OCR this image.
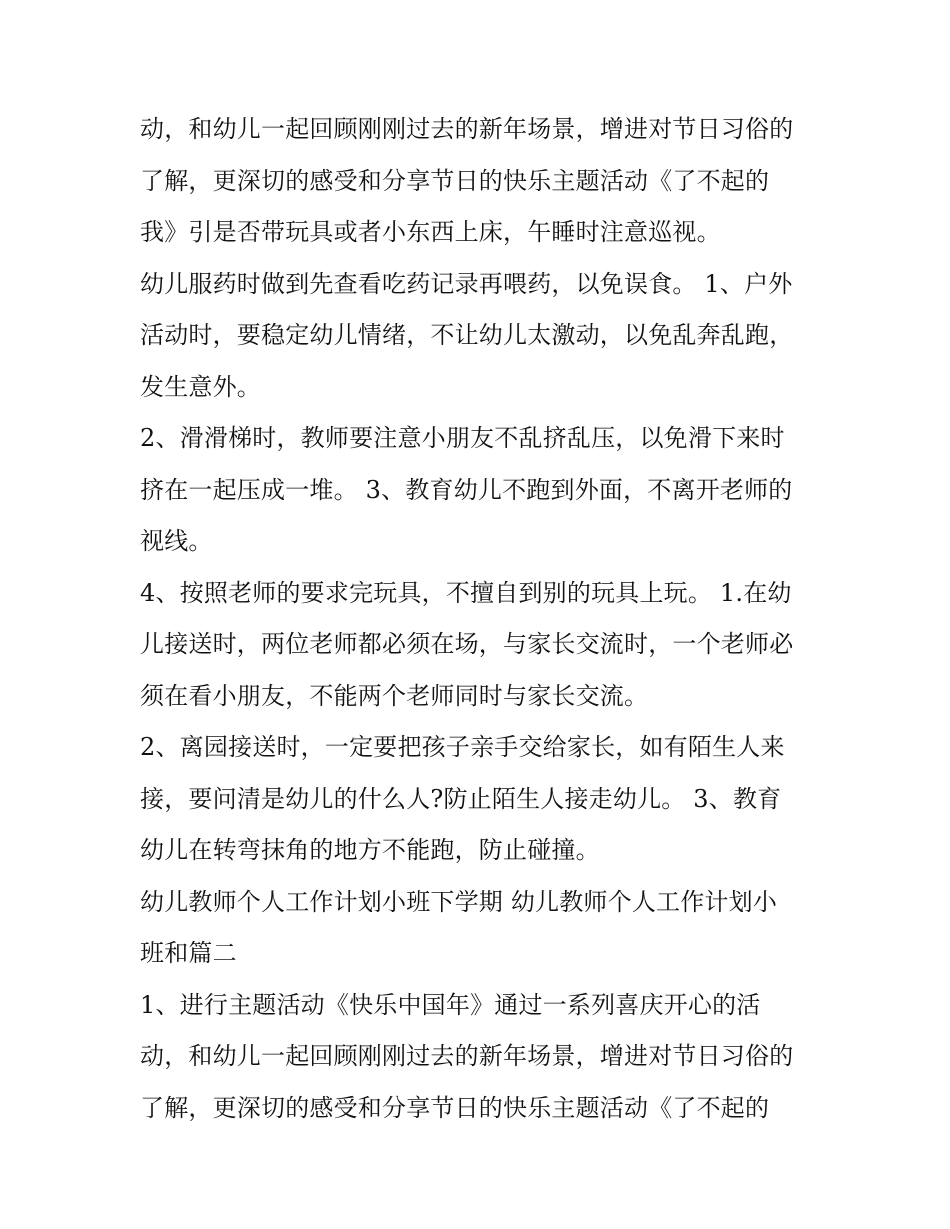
动，和幼儿一起回顾刚刚过去的新年场景，增进对节日习俗的
了解，更深切的感受和分享节日的快乐主题活动《了不起的
我》引是否带玩具或者小东西上床，午睡时注意巡视。
幼儿服药时做到先查看吃药记录再喂药，以免误食。 1、户外
活动时，要稳定幼儿情绪，不让幼儿太激动，以免乱奔乱跑，
发生意外。
2、滑滑梯时，教师要注意小朋友不乱挤乱压，以免滑下来时
挤在一起压成一堆。 3、教育幼儿不跑到外面，不离开老师的
视线。
4、按照老师的要求完玩具，不擅自到别的玩具上玩。 1.在幼
儿接送时，两位老师都必须在场，与家长交流时，一个老师必
须在看小朋友，不能两个老师同时与家长交流。
2、离园接送时，一定要把孩子亲手交给家长，如有陌生人来
接，要问清是幼儿的什么人?防止陌生人接走幼儿。 3、教育
幼儿在转弯抹角的地方不能跑，防止碰撞。
幼儿教师个人工作计划小班下学期 幼儿教师个人工作计划小
班和篇二
1、进行主题活动《快乐中国年》通过一系列喜庆开心的活
动，和幼儿一起回顾刚刚过去的新年场景，增进对节日习俗的
了解，更深切的感受和分享节日的快乐主题活动《了不起的
